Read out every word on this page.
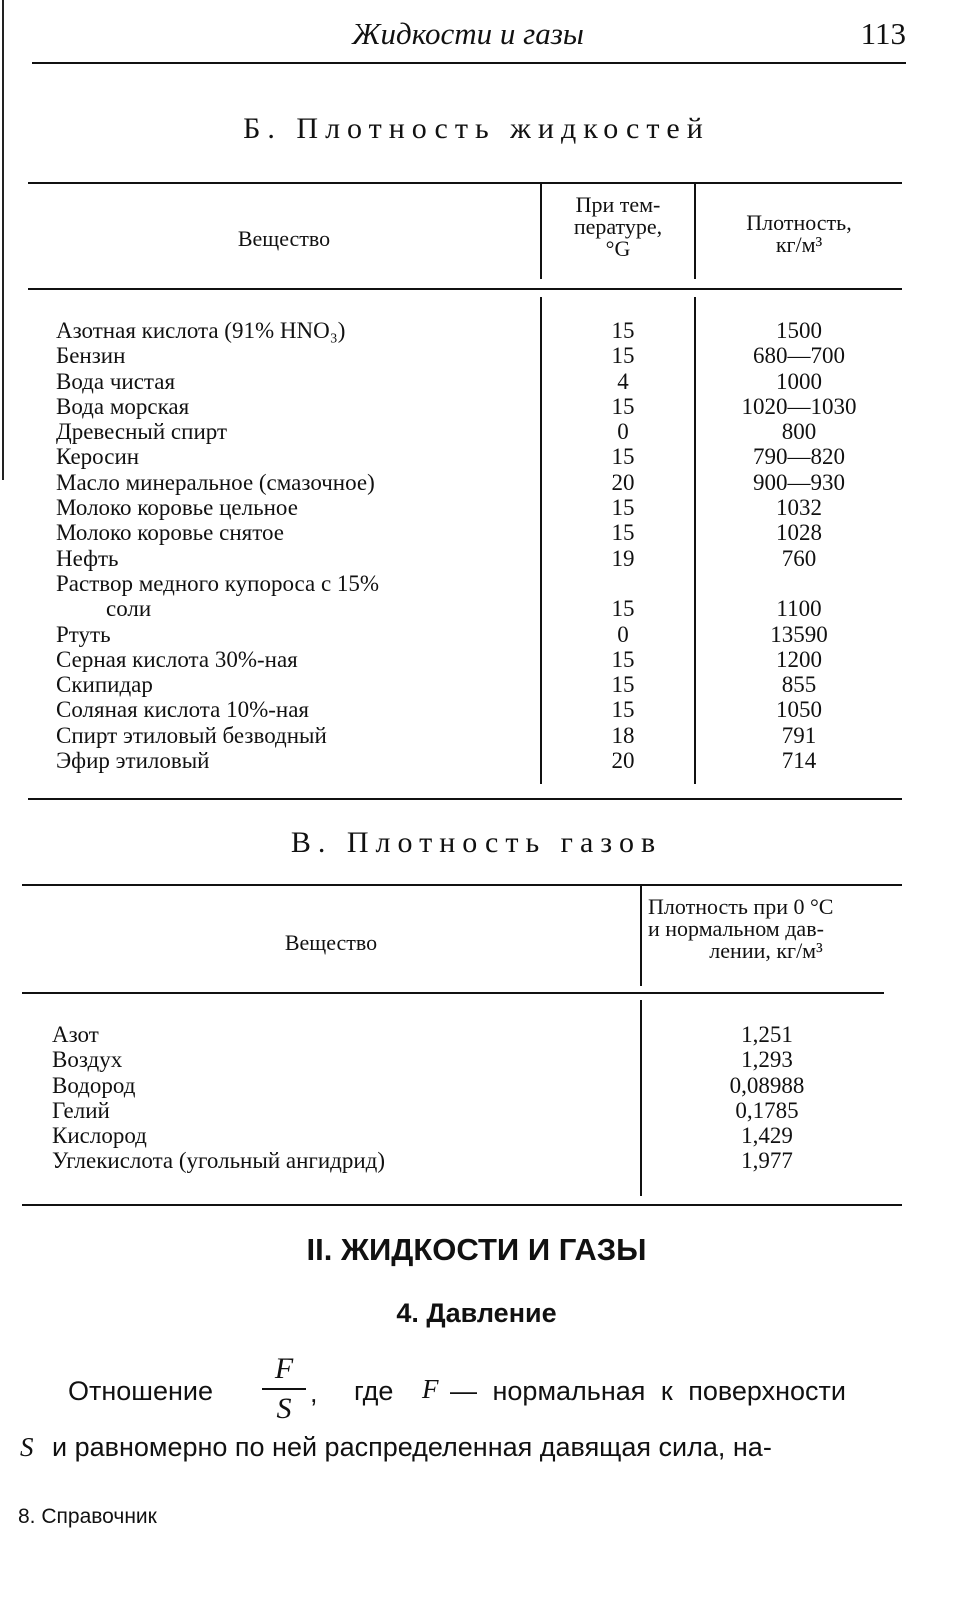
Жидкости и газы	113
Б. Плотность жидкостей
Вещество
При тем-
пературе,
°G
Плотность,
кг/м³
Азотная кислота (91% HNO₃)
Бензин
Вода чистая
Вода морская
Древесный спирт
Керосин
Масло минеральное (смазочное)
Молоко коровье цельное
Молоко коровье снятое
Нефть
Раствор медного купороса с 15%
соли
Ртуть
Серная кислота 30%-ная
Скипидар
Соляная кислота 10%-ная
Спирт этиловый безводный
Эфир этиловый
15
15
4
15
0
15
20
15
15
19
15
0
15
15
15
18
20
1500
680—700
1000
1020—1030
800
790—820
900—930
1032
1028
760
1100
13590
1200
855
1050
791
714
В. Плотность газов
Вещество
Плотность при 0 °С
и нормальном дав-
лении, кг/м³
Азот
Воздух
Водород
Гелий
Кислород
Углекислота (угольный ангидрид)
1,251
1,293
0,08988
0,1785
1,429
1,977
II. ЖИДКОСТИ И ГАЗЫ
4. Давление
Отношение
F
S , где F — нормальная к поверхности
S и равномерно по ней распределенная давящая сила, на-
8. Справочник
